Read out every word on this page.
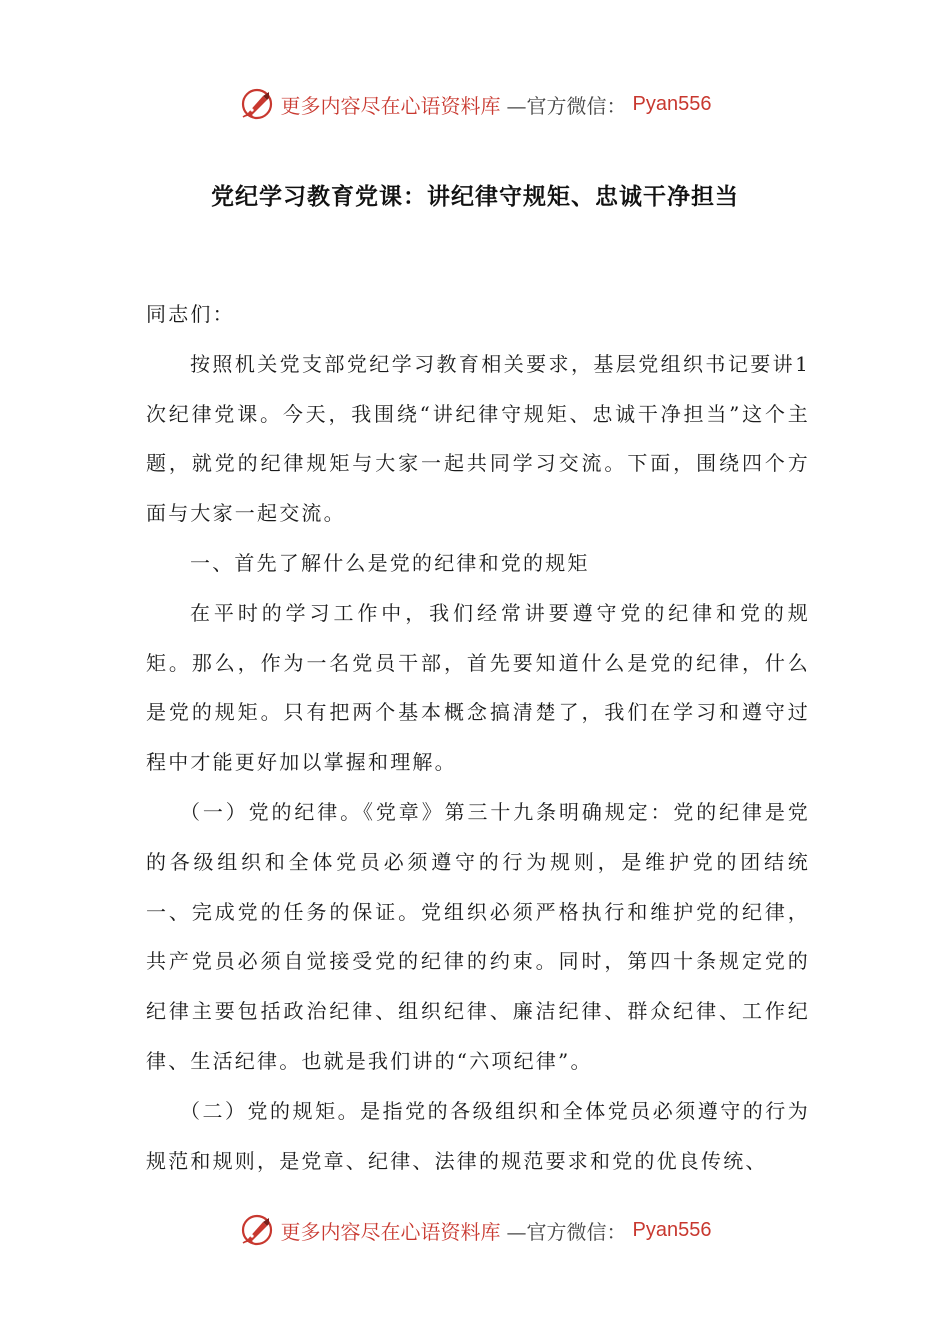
更多内容尽在心语资料库 —官方微信： Pyan556
党纪学习教育党课：讲纪律守规矩、忠诚干净担当

同志们：

按照机关党支部党纪学习教育相关要求，基层党组织书记要讲1次纪律党课。今天，我围绕“讲纪律守规矩、忠诚干净担当”这个主题，就党的纪律规矩与大家一起共同学习交流。下面，围绕四个方面与大家一起交流。

一、首先了解什么是党的纪律和党的规矩

在平时的学习工作中，我们经常讲要遵守党的纪律和党的规矩。那么，作为一名党员干部，首先要知道什么是党的纪律，什么是党的规矩。只有把两个基本概念搞清楚了，我们在学习和遵守过程中才能更好加以掌握和理解。

（一）党的纪律。《党章》第三十九条明确规定：党的纪律是党的各级组织和全体党员必须遵守的行为规则，是维护党的团结统一、完成党的任务的保证。党组织必须严格执行和维护党的纪律，共产党员必须自觉接受党的纪律的约束。同时，第四十条规定党的纪律主要包括政治纪律、组织纪律、廉洁纪律、群众纪律、工作纪律、生活纪律。也就是我们讲的“六项纪律”。

（二）党的规矩。是指党的各级组织和全体党员必须遵守的行为规范和规则，是党章、纪律、法律的规范要求和党的优良传统、

更多内容尽在心语资料库 —官方微信： Pyan556
